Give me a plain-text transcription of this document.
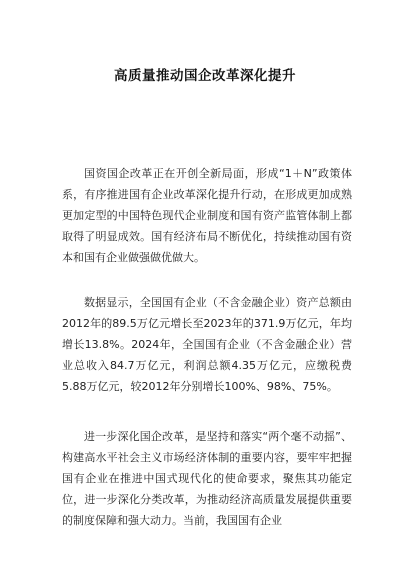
高质量推动国企改革深化提升

国资国企改革正在开创全新局面，形成“1＋N”政策体系，有序推进国有企业改革深化提升行动，在形成更加成熟更加定型的中国特色现代企业制度和国有资产监管体制上都取得了明显成效。国有经济布局不断优化，持续推动国有资本和国有企业做强做优做大。

数据显示，全国国有企业（不含金融企业）资产总额由2012年的89.5万亿元增长至2023年的371.9万亿元，年均增长13.8%。2024年，全国国有企业（不含金融企业）营业总收入84.7万亿元，利润总额4.35万亿元，应缴税费5.88万亿元，较2012年分别增长100%、98%、75%。

进一步深化国企改革，是坚持和落实“两个毫不动摇”、构建高水平社会主义市场经济体制的重要内容，要牢牢把握国有企业在推进中国式现代化的使命要求，聚焦其功能定位，进一步深化分类改革，为推动经济高质量发展提供重要的制度保障和强大动力。当前，我国国有企业
